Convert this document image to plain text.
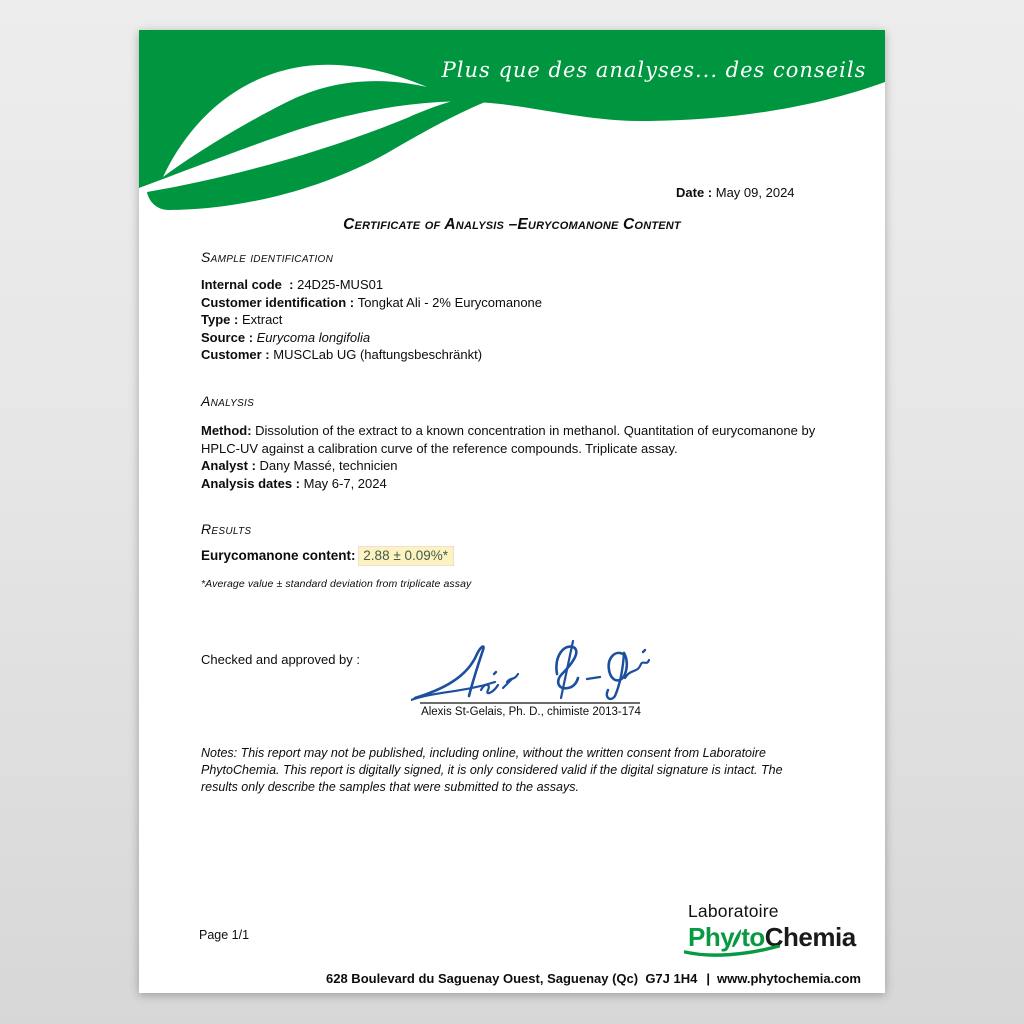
Plus que des analyses... des conseils
Date : May 09, 2024
Certificate of Analysis –Eurycomanone Content
Sample identification
Internal code  : 24D25-MUS01
Customer identification : Tongkat Ali - 2% Eurycomanone
Type : Extract
Source : Eurycoma longifolia
Customer : MUSCLab UG (haftungsbeschränkt)
Analysis
Method: Dissolution of the extract to a known concentration in methanol. Quantitation of eurycomanone by HPLC-UV against a calibration curve of the reference compounds. Triplicate assay.
Analyst : Dany Massé, technicien
Analysis dates : May 6-7, 2024
Results
Eurycomanone content: 2.88 ± 0.09%*
*Average value ± standard deviation from triplicate assay
Checked and approved by :
Alexis St-Gelais, Ph. D., chimiste 2013-174
Notes: This report may not be published, including online, without the written consent from Laboratoire PhytoChemia. This report is digitally signed, it is only considered valid if the digital signature is intact. The results only describe the samples that were submitted to the assays.
Page 1/1
Laboratoire
Phy toChemia
628 Boulevard du Saguenay Ouest, Saguenay (Qc)  G7J 1H4 | www.phytochemia.com
